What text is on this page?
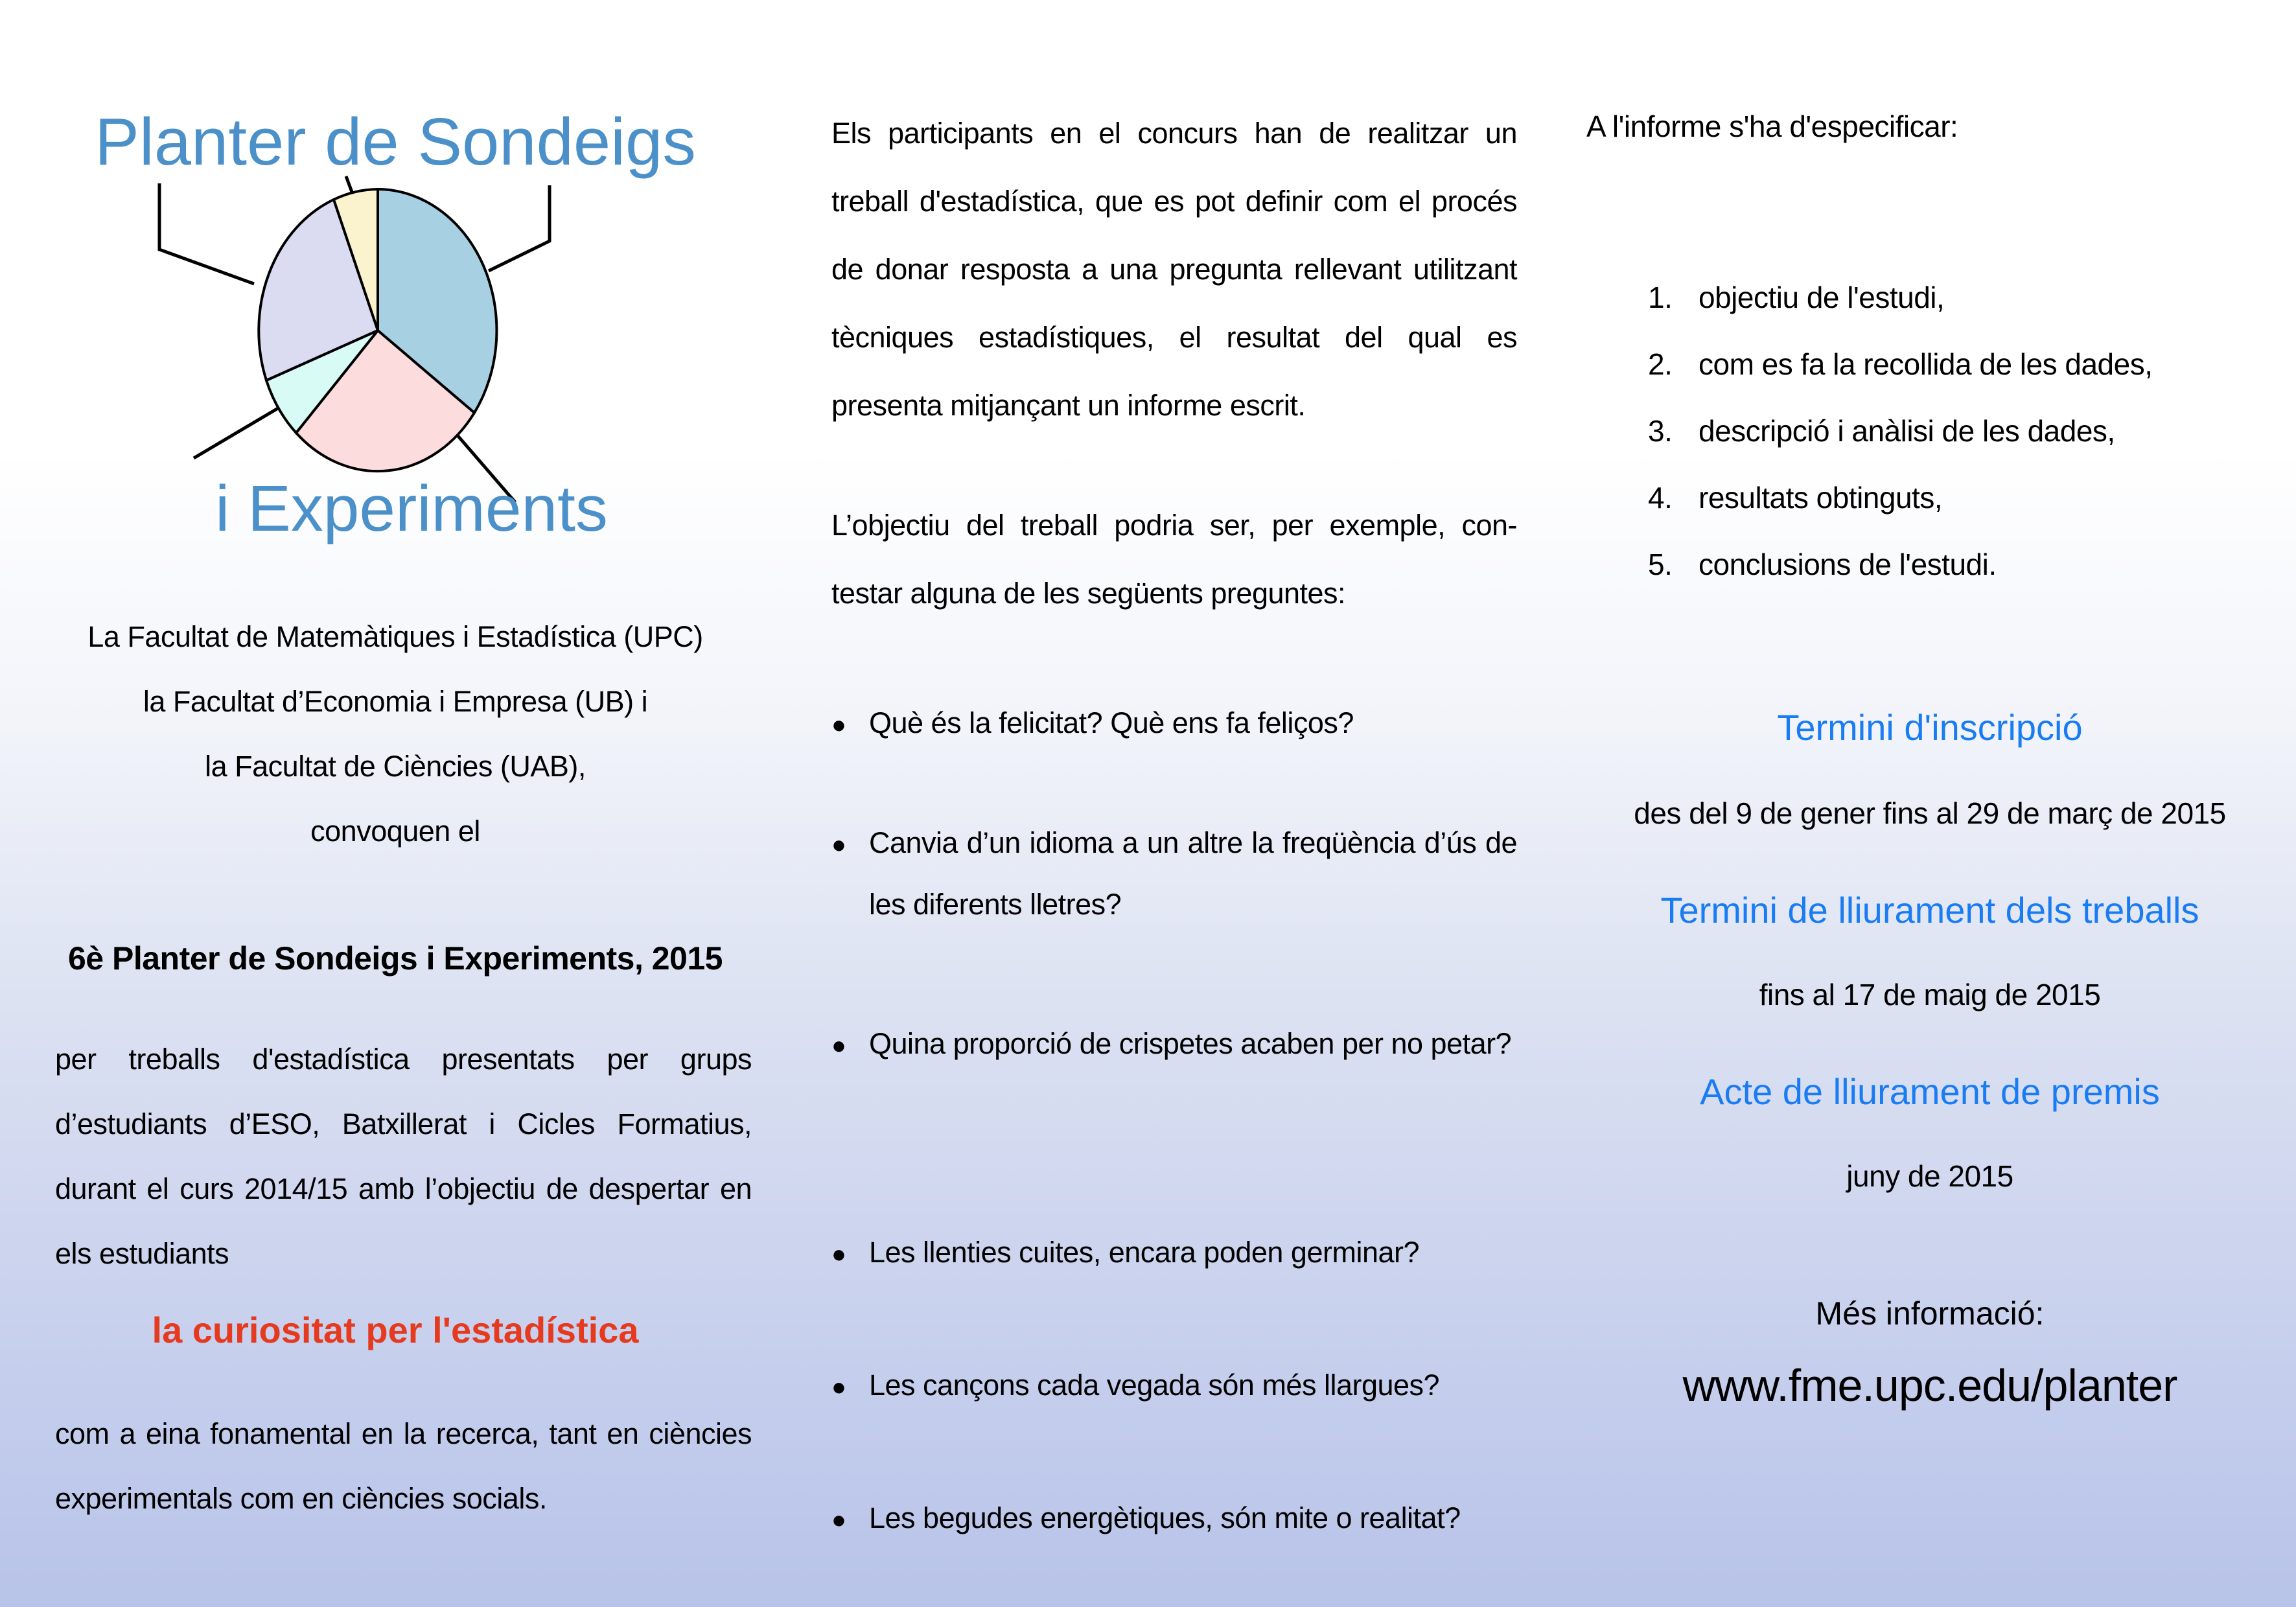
Planter de Sondeigs
i Experiments
La Facultat de Matemàtiques i Estadística (UPC)
la Facultat d’Economia i Empresa (UB) i
la Facultat de Ciències (UAB),
convoquen el
6è Planter de Sondeigs i Experiments, 2015

per treballs d'estadística presentats per grups d’estudiants d’ESO, Batxillerat i Cicles Formatius, durant el curs 2014/15 amb l’objectiu de despertar en els estudiants

la curiositat per l'estadística

com a eina fonamental en la recerca, tant en ciències experimentals com en ciències socials.

Els participants en el concurs han de realitzar un treball d'estadística, que es pot definir com el procés de donar resposta a una pregunta rellevant utilitzant tècniques estadístiques, el resultat del qual es presenta mitjançant un informe escrit.

L’objectiu del treball podria ser, per exemple, con-
testar alguna de les següents preguntes:
● Què és la felicitat? Què ens fa feliços?
● Canvia d’un idioma a un altre la freqüència d’ús de les diferents lletres?
● Quina proporció de crispetes acaben per no petar?
● Les llenties cuites, encara poden germinar?
● Les cançons cada vegada són més llargues?
● Les begudes energètiques, són mite o realitat?
A l'informe s'ha d'especificar:
objectiu de l'estudi,
com es fa la recollida de les dades,
descripció i anàlisi de les dades,
resultats obtinguts,
conclusions de l'estudi.
Termini d'inscripció
des del 9 de gener fins al 29 de març de 2015
Termini de lliurament dels treballs
fins al 17 de maig de 2015
Acte de lliurament de premis
juny de 2015
Més informació:
www.fme.upc.edu/planter
